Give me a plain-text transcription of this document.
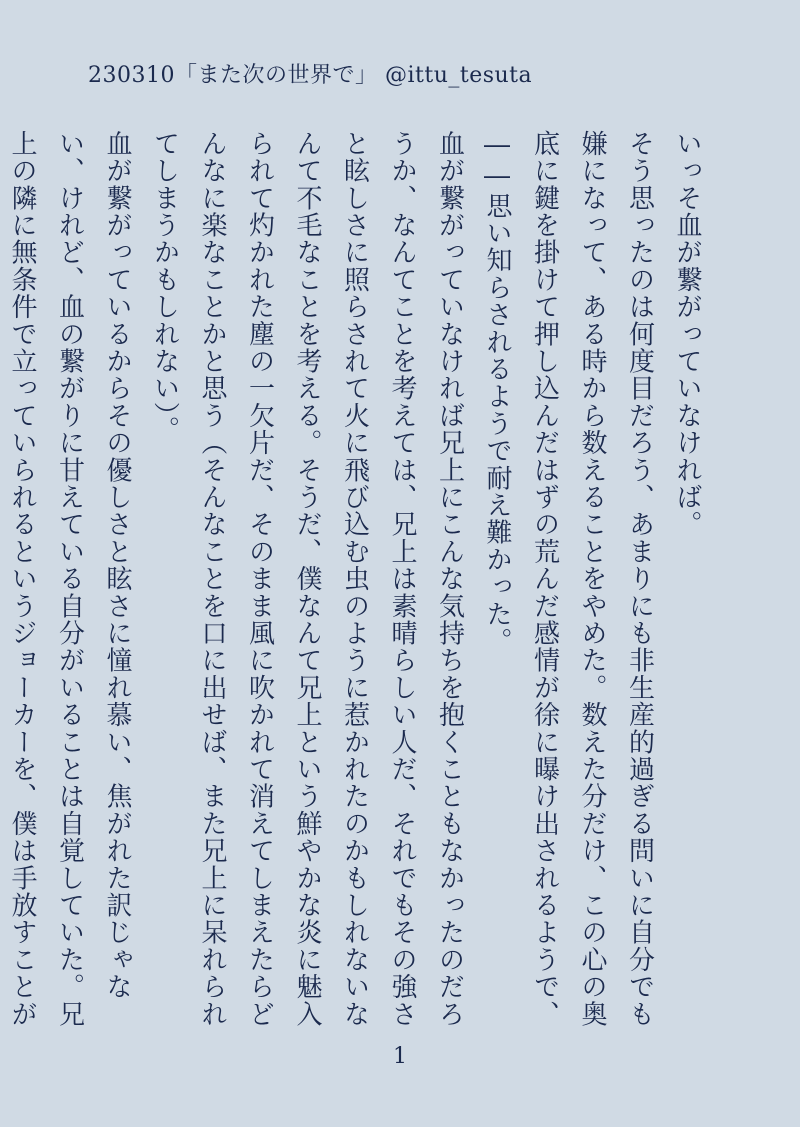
230310「また次の世界で」 @ittu_tesuta

いっそ血が繋がっていなければ。

そう思ったのは何度目だろう、あまりにも非生産的過ぎる問いに自分でも嫌になって、ある時から数えることをやめた。数えた分だけ、この心の奥底に鍵を掛けて押し込んだはずの荒んだ感情が徐に曝け出されるようで、――思い知らされるようで耐え難かった。

血が繋がっていなければ兄上にこんな気持ちを抱くこともなかったのだろうか、なんてことを考えては、兄上は素晴らしい人だ、それでもその強さと眩しさに照らされて火に飛び込む虫のように惹かれたのかもしれないなんて不毛なことを考える。そうだ、僕なんて兄上という鮮やかな炎に魅入られて灼かれた塵の一欠片だ、そのまま風に吹かれて消えてしまえたらどんなに楽なことかと思う（そんなことを口に出せば、また兄上に呆れられてしまうかもしれない）。

血が繋がっているからその優しさと眩さに憧れ慕い、焦がれた訳じゃない、けれど、血の繋がりに甘えている自分がいることは自覚していた。兄上の隣に無条件で立っていられるというジョーカーを、僕は手放すことが

1
